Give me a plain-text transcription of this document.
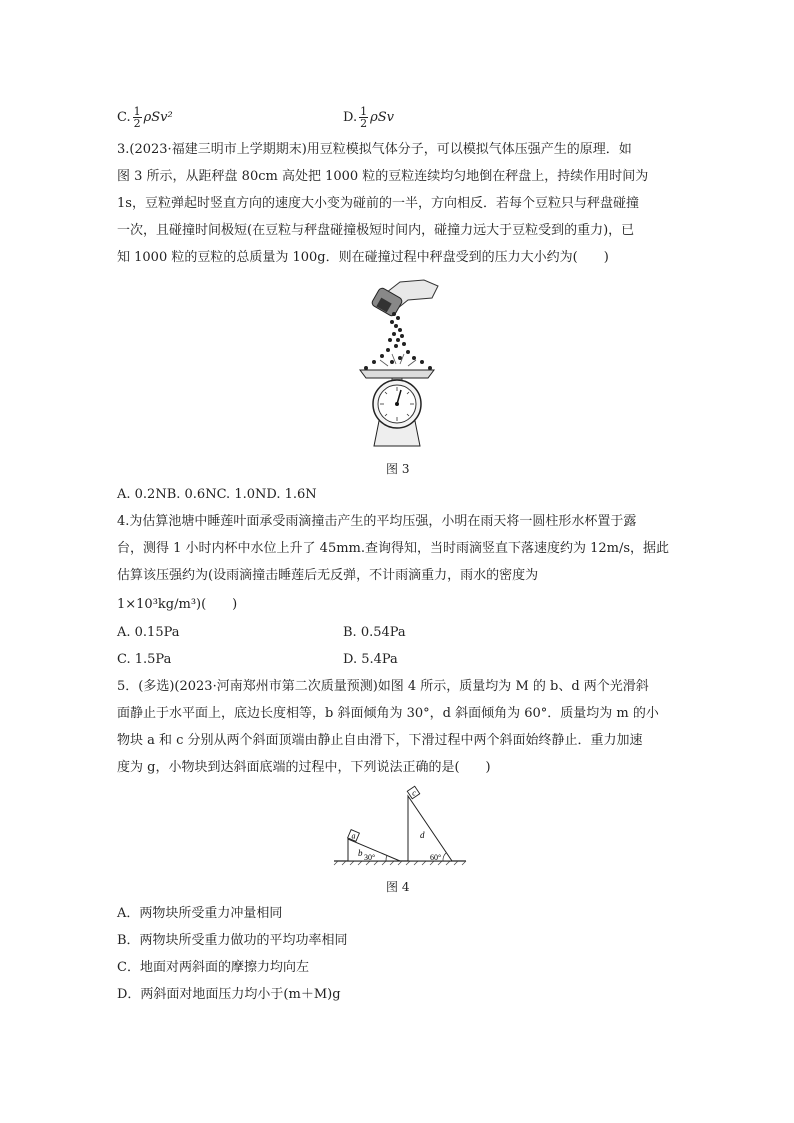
C. $\frac{1}{2} \rho Sv^2$	D. $\frac{1}{2}$ ρSv
3.(2023·福建三明市上学期期末)用豆粒模拟气体分子，可以模拟气体压强产生的原理．如
图 3 所示，从距秤盘 80cm 高处把 1000 粒的豆粒连续均匀地倒在秤盘上，持续作用时间为
1s，豆粒弹起时竖直方向的速度大小变为碰前的一半，方向相反．若每个豆粒只与秤盘碰撞
一次，且碰撞时间极短(在豆粒与秤盘碰撞极短时间内，碰撞力远大于豆粒受到的重力)，已
知 1000 粒的豆粒的总质量为 100g．则在碰撞过程中秤盘受到的压力大小约为(　　)
图 3
A. 0.2NB. 0.6NC. 1.0ND. 1.6N
4.为估算池塘中睡莲叶面承受雨滴撞击产生的平均压强，小明在雨天将一圆柱形水杯置于露
台，测得 1 小时内杯中水位上升了 45mm.查询得知，当时雨滴竖直下落速度约为 12m/s，据此
估算该压强约为(设雨滴撞击睡莲后无反弹，不计雨滴重力，雨水的密度为
1×10³kg/m³)(　　)
A. 0.15Pa	B. 0.54Pa
C. 1.5Pa	D. 5.4Pa
5．(多选)(2023·河南郑州市第二次质量预测)如图 4 所示，质量均为 M 的 b、d 两个光滑斜
面静止于水平面上，底边长度相等，b 斜面倾角为 30°，d 斜面倾角为 60°．质量均为 m 的小
物块 a 和 c 分别从两个斜面顶端由静止自由滑下，下滑过程中两个斜面始终静止．重力加速
度为 g，小物块到达斜面底端的过程中，下列说法正确的是(　　)
a
b 30°
c
d
60°
图 4
A．两物块所受重力冲量相同
B．两物块所受重力做功的平均功率相同
C．地面对两斜面的摩擦力均向左
D．两斜面对地面压力均小于(m＋M)g
